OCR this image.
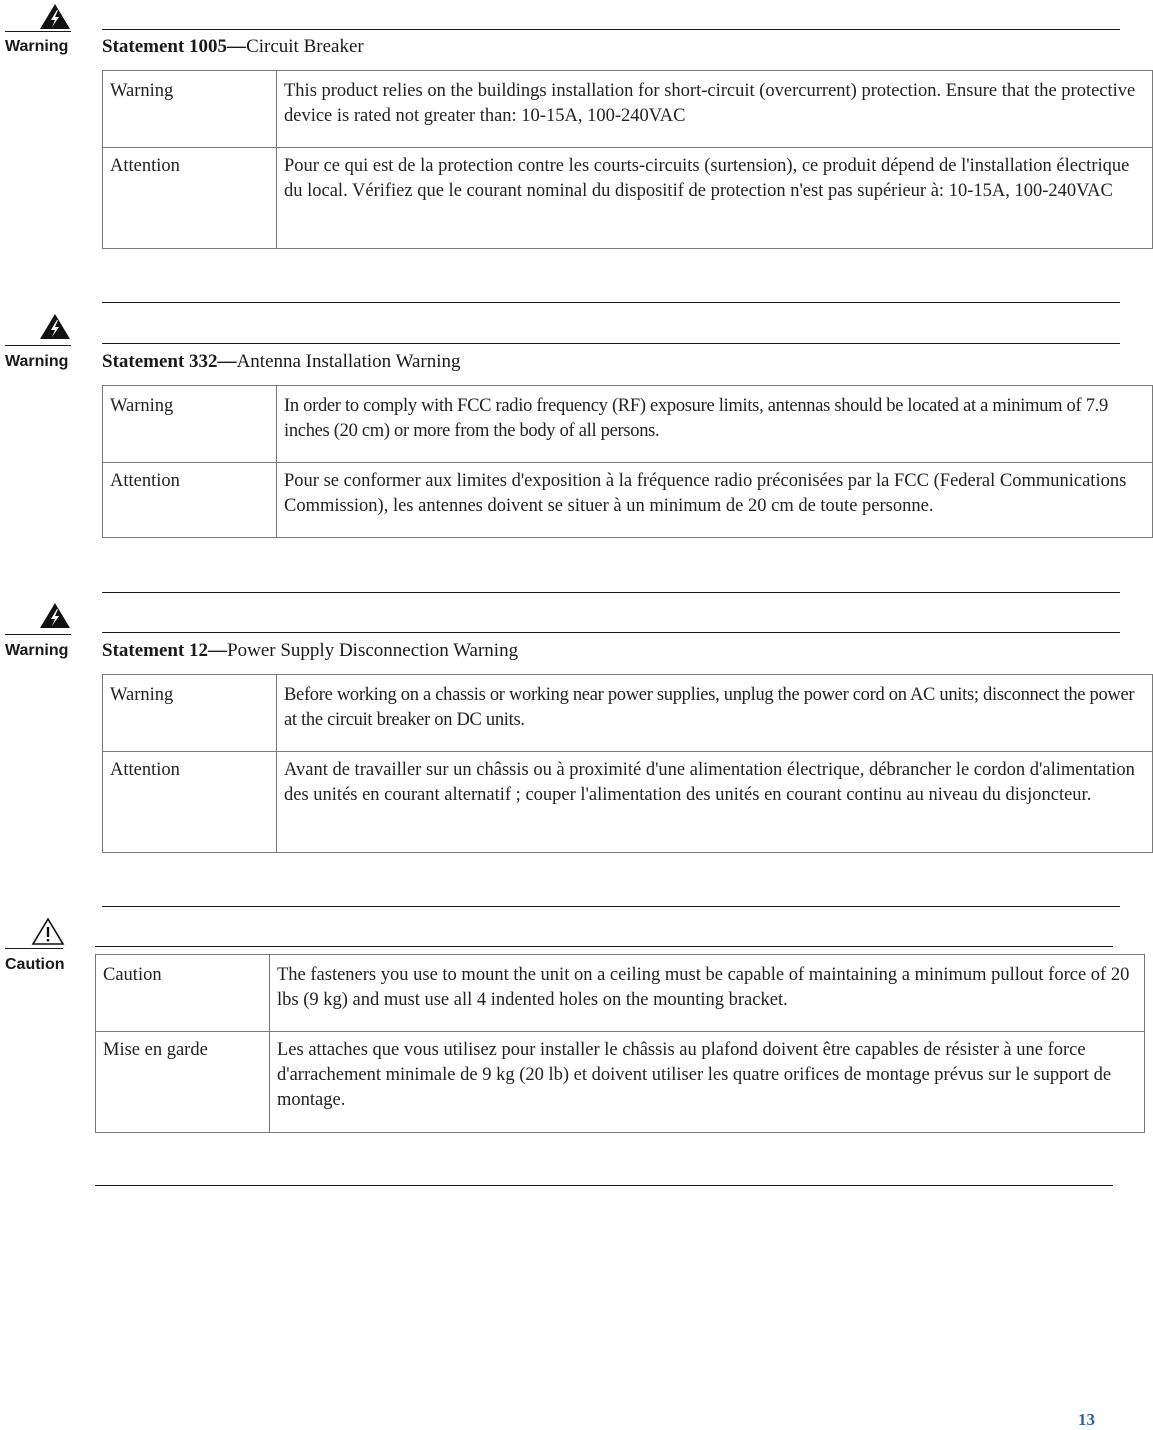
Warning Statement 1005—Circuit Breaker
Warning	This product relies on the buildings installation for short-circuit (overcurrent) protection. Ensure that the protective device is rated not greater than: 10-15A, 100-240VAC
Attention	Pour ce qui est de la protection contre les courts-circuits (surtension), ce produit dépend de l'installation électrique du local. Vérifiez que le courant nominal du dispositif de protection n'est pas supérieur à: 10-15A, 100-240VAC
Warning Statement 332—Antenna Installation Warning
Warning	In order to comply with FCC radio frequency (RF) exposure limits, antennas should be located at a minimum of 7.9 inches (20 cm) or more from the body of all persons.
Attention	Pour se conformer aux limites d'exposition à la fréquence radio préconisées par la FCC (Federal Communications Commission), les antennes doivent se situer à un minimum de 20 cm de toute personne.
Warning Statement 12—Power Supply Disconnection Warning
Warning	Before working on a chassis or working near power supplies, unplug the power cord on AC units; disconnect the power at the circuit breaker on DC units.
Attention	Avant de travailler sur un châssis ou à proximité d'une alimentation électrique, débrancher le cordon d'alimentation des unités en courant alternatif ; couper l'alimentation des unités en courant continu au niveau du disjoncteur.
Caution
Caution	The fasteners you use to mount the unit on a ceiling must be capable of maintaining a minimum pullout force of 20 lbs (9 kg) and must use all 4 indented holes on the mounting bracket.
Mise en garde	Les attaches que vous utilisez pour installer le châssis au plafond doivent être capables de résister à une force d'arrachement minimale de 9 kg (20 lb) et doivent utiliser les quatre orifices de montage prévus sur le support de montage.
13
